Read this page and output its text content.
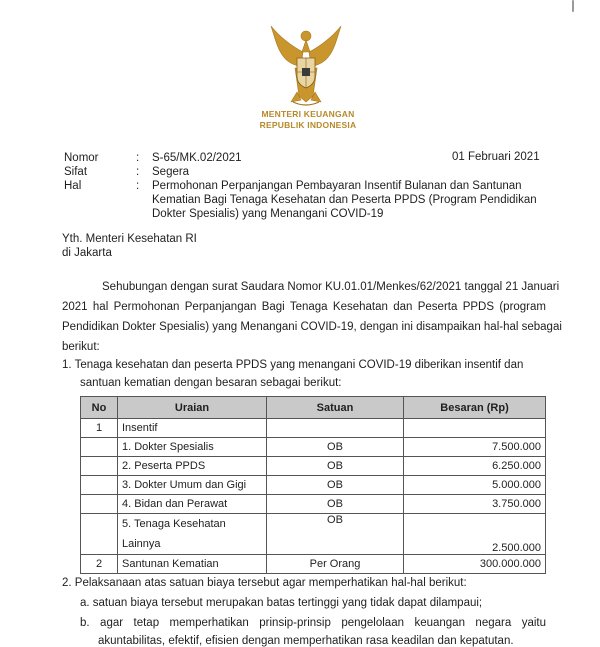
MENTERI KEUANGAN
REPUBLIK INDONESIA
Nomor	: S-65/MK.02/2021	01 Februari 2021
Sifat	: Segera
Hal	: Permohonan Perpanjangan Pembayaran Insentif Bulanan dan Santunan
Kematian Bagi Tenaga Kesehatan dan Peserta PPDS (Program Pendidikan
Dokter Spesialis) yang Menangani COVID-19
Yth. Menteri Kesehatan RI
di Jakarta
Sehubungan dengan surat Saudara Nomor KU.01.01/Menkes/62/2021 tanggal 21 Januari
2021 hal Permohonan Perpanjangan Bagi Tenaga Kesehatan dan Peserta PPDS (program
Pendidikan Dokter Spesialis) yang Menangani COVID-19, dengan ini disampaikan hal-hal sebagai
berikut:
1. Tenaga kesehatan dan peserta PPDS yang menangani COVID-19 diberikan insentif dan
santuan kematian dengan besaran sebagai berikut:
No	Uraian	Satuan	Besaran (Rp)
1	Insentif		
	1. Dokter Spesialis	OB	7.500.000
	2. Peserta PPDS	OB	6.250.000
	3. Dokter Umum dan Gigi	OB	5.000.000
	4. Bidan dan Perawat	OB	3.750.000

	5. Tenaga Kesehatan
Lainnya	OB	2.500.000
2	Santunan Kematian	Per Orang	300.000.000
2. Pelaksanaan atas satuan biaya tersebut agar memperhatikan hal-hal berikut:
a. satuan biaya tersebut merupakan batas tertinggi yang tidak dapat dilampaui;
b. agar tetap memperhatikan prinsip-prinsip pengelolaan keuangan negara yaitu
akuntabilitas, efektif, efisien dengan memperhatikan rasa keadilan dan kepatutan.
